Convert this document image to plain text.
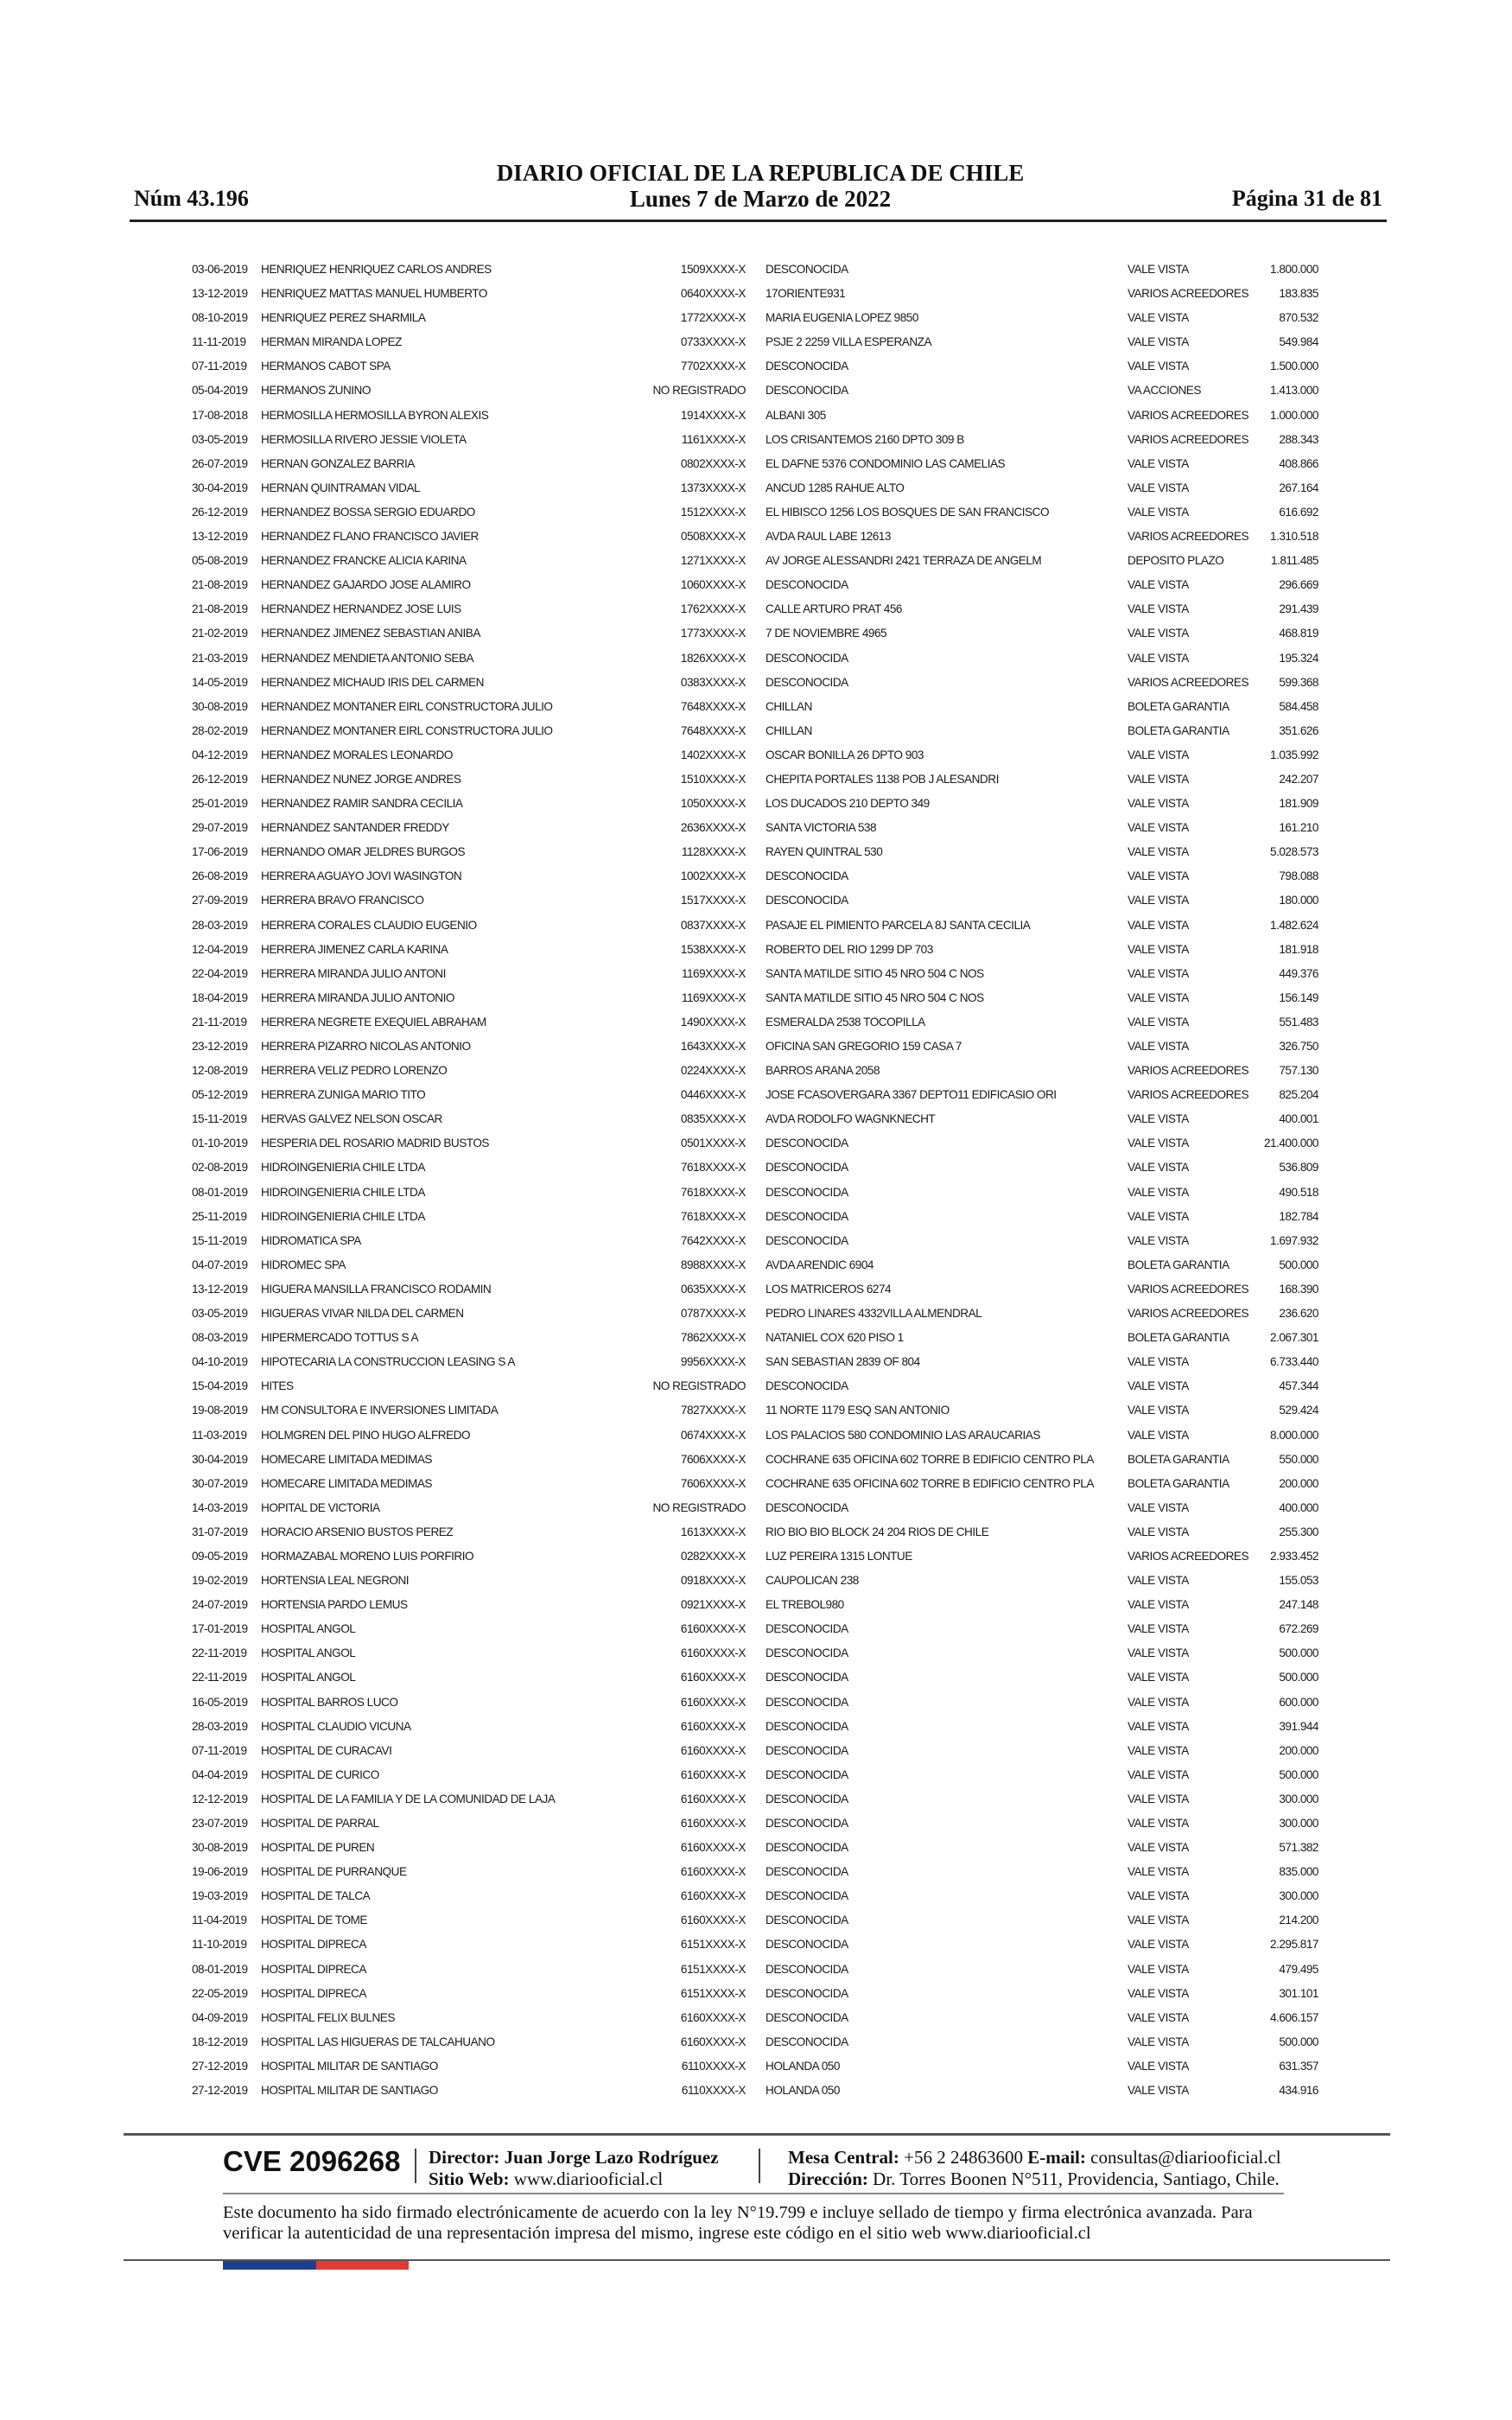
Núm 43.196
DIARIO OFICIAL DE LA REPUBLICA DE CHILE
Lunes 7 de Marzo de 2022	Página 31 de 81
03-06-2019 HENRIQUEZ HENRIQUEZ CARLOS ANDRES	1509XXXX-X DESCONOCIDA	VALE VISTA	1.800.000
13-12-2019 HENRIQUEZ MATTAS MANUEL HUMBERTO	0640XXXX-X 17ORIENTE931	VARIOS ACREEDORES	183.835
08-10-2019 HENRIQUEZ PEREZ SHARMILA	1772XXXX-X MARIA EUGENIA LOPEZ 9850	VALE VISTA	870.532
11-11-2019 HERMAN MIRANDA LOPEZ	0733XXXX-X PSJE 2 2259 VILLA ESPERANZA	VALE VISTA	549.984
07-11-2019 HERMANOS CABOT SPA	7702XXXX-X DESCONOCIDA	VALE VISTA	1.500.000
05-04-2019 HERMANOS ZUNINO	NO REGISTRADO DESCONOCIDA	VA ACCIONES	1.413.000
17-08-2018 HERMOSILLA HERMOSILLA BYRON ALEXIS	1914XXXX-X ALBANI 305	VARIOS ACREEDORES 1.000.000
03-05-2019 HERMOSILLA RIVERO JESSIE VIOLETA	1161XXXX-X LOS CRISANTEMOS 2160 DPTO 309 B	VARIOS ACREEDORES	288.343
26-07-2019 HERNAN GONZALEZ BARRIA	0802XXXX-X EL DAFNE 5376 CONDOMINIO LAS CAMELIAS	VALE VISTA	408.866
30-04-2019 HERNAN QUINTRAMAN VIDAL	1373XXXX-X ANCUD 1285 RAHUE ALTO	VALE VISTA	267.164
26-12-2019 HERNANDEZ BOSSA SERGIO EDUARDO	1512XXXX-X EL HIBISCO 1256 LOS BOSQUES DE SAN FRANCISCO	VALE VISTA	616.692
13-12-2019 HERNANDEZ FLANO FRANCISCO JAVIER	0508XXXX-X AVDA RAUL LABE 12613	VARIOS ACREEDORES 1.310.518
05-08-2019 HERNANDEZ FRANCKE ALICIA KARINA	1271XXXX-X AV JORGE ALESSANDRI 2421 TERRAZA DE ANGELM	DEPOSITO PLAZO	1.811.485
21-08-2019 HERNANDEZ GAJARDO JOSE ALAMIRO	1060XXXX-X DESCONOCIDA	VALE VISTA	296.669
21-08-2019 HERNANDEZ HERNANDEZ JOSE LUIS	1762XXXX-X CALLE ARTURO PRAT 456	VALE VISTA	291.439
21-02-2019 HERNANDEZ JIMENEZ SEBASTIAN ANIBA	1773XXXX-X 7 DE NOVIEMBRE 4965	VALE VISTA	468.819
21-03-2019 HERNANDEZ MENDIETA ANTONIO SEBA	1826XXXX-X DESCONOCIDA	VALE VISTA	195.324
14-05-2019 HERNANDEZ MICHAUD IRIS DEL CARMEN	0383XXXX-X DESCONOCIDA	VARIOS ACREEDORES	599.368
30-08-2019 HERNANDEZ MONTANER EIRL CONSTRUCTORA JULIO	7648XXXX-X CHILLAN	BOLETA GARANTIA	584.458
28-02-2019 HERNANDEZ MONTANER EIRL CONSTRUCTORA JULIO	7648XXXX-X CHILLAN	BOLETA GARANTIA	351.626
04-12-2019 HERNANDEZ MORALES LEONARDO	1402XXXX-X OSCAR BONILLA 26 DPTO 903	VALE VISTA	1.035.992
26-12-2019 HERNANDEZ NUNEZ JORGE ANDRES	1510XXXX-X CHEPITA PORTALES 1138 POB J ALESANDRI	VALE VISTA	242.207
25-01-2019 HERNANDEZ RAMIR SANDRA CECILIA	1050XXXX-X LOS DUCADOS 210 DEPTO 349	VALE VISTA	181.909
29-07-2019 HERNANDEZ SANTANDER FREDDY	2636XXXX-X SANTA VICTORIA 538	VALE VISTA	161.210
17-06-2019 HERNANDO OMAR JELDRES BURGOS	1128XXXX-X RAYEN QUINTRAL 530	VALE VISTA	5.028.573
26-08-2019 HERRERA AGUAYO JOVI WASINGTON	1002XXXX-X DESCONOCIDA	VALE VISTA	798.088
27-09-2019 HERRERA BRAVO FRANCISCO	1517XXXX-X DESCONOCIDA	VALE VISTA	180.000
28-03-2019 HERRERA CORALES CLAUDIO EUGENIO	0837XXXX-X PASAJE EL PIMIENTO PARCELA 8J SANTA CECILIA	VALE VISTA	1.482.624
12-04-2019 HERRERA JIMENEZ CARLA KARINA	1538XXXX-X ROBERTO DEL RIO 1299 DP 703	VALE VISTA	181.918
22-04-2019 HERRERA MIRANDA JULIO ANTONI	1169XXXX-X SANTA MATILDE SITIO 45 NRO 504 C NOS	VALE VISTA	449.376
18-04-2019 HERRERA MIRANDA JULIO ANTONIO	1169XXXX-X SANTA MATILDE SITIO 45 NRO 504 C NOS	VALE VISTA	156.149
21-11-2019 HERRERA NEGRETE EXEQUIEL ABRAHAM	1490XXXX-X ESMERALDA 2538 TOCOPILLA	VALE VISTA	551.483
23-12-2019 HERRERA PIZARRO NICOLAS ANTONIO	1643XXXX-X OFICINA SAN GREGORIO 159 CASA 7	VALE VISTA	326.750
12-08-2019 HERRERA VELIZ PEDRO LORENZO	0224XXXX-X BARROS ARANA 2058	VARIOS ACREEDORES	757.130
05-12-2019 HERRERA ZUNIGA MARIO TITO	0446XXXX-X JOSE FCASOVERGARA 3367 DEPTO11 EDIFICASIO ORI	VARIOS ACREEDORES	825.204
15-11-2019 HERVAS GALVEZ NELSON OSCAR	0835XXXX-X AVDA RODOLFO WAGNKNECHT	VALE VISTA	400.001
01-10-2019 HESPERIA DEL ROSARIO MADRID BUSTOS	0501XXXX-X DESCONOCIDA	VALE VISTA	21.400.000
02-08-2019 HIDROINGENIERIA CHILE LTDA	7618XXXX-X DESCONOCIDA	VALE VISTA	536.809
08-01-2019 HIDROINGENIERIA CHILE LTDA	7618XXXX-X DESCONOCIDA	VALE VISTA	490.518
25-11-2019 HIDROINGENIERIA CHILE LTDA	7618XXXX-X DESCONOCIDA	VALE VISTA	182.784
15-11-2019 HIDROMATICA SPA	7642XXXX-X DESCONOCIDA	VALE VISTA	1.697.932
04-07-2019 HIDROMEC SPA	8988XXXX-X AVDA ARENDIC 6904	BOLETA GARANTIA	500.000
13-12-2019 HIGUERA MANSILLA FRANCISCO RODAMIN	0635XXXX-X LOS MATRICEROS 6274	VARIOS ACREEDORES	168.390
03-05-2019 HIGUERAS VIVAR NILDA DEL CARMEN	0787XXXX-X PEDRO LINARES 4332VILLA ALMENDRAL	VARIOS ACREEDORES	236.620
08-03-2019 HIPERMERCADO TOTTUS S A	7862XXXX-X NATANIEL COX 620 PISO 1	BOLETA GARANTIA	2.067.301
04-10-2019 HIPOTECARIA LA CONSTRUCCION LEASING S A	9956XXXX-X SAN SEBASTIAN 2839 OF 804	VALE VISTA	6.733.440
15-04-2019 HITES	NO REGISTRADO DESCONOCIDA	VALE VISTA	457.344
19-08-2019 HM CONSULTORA E INVERSIONES LIMITADA	7827XXXX-X 11 NORTE 1179 ESQ SAN ANTONIO	VALE VISTA	529.424
11-03-2019 HOLMGREN DEL PINO HUGO ALFREDO	0674XXXX-X LOS PALACIOS 580 CONDOMINIO LAS ARAUCARIAS	VALE VISTA	8.000.000
30-04-2019 HOMECARE LIMITADA MEDIMAS	7606XXXX-X COCHRANE 635 OFICINA 602 TORRE B EDIFICIO CENTRO PLA	BOLETA GARANTIA	550.000
30-07-2019 HOMECARE LIMITADA MEDIMAS	7606XXXX-X COCHRANE 635 OFICINA 602 TORRE B EDIFICIO CENTRO PLA	BOLETA GARANTIA	200.000
14-03-2019 HOPITAL DE VICTORIA	NO REGISTRADO DESCONOCIDA	VALE VISTA	400.000
31-07-2019 HORACIO ARSENIO BUSTOS PEREZ	1613XXXX-X RIO BIO BIO BLOCK 24 204 RIOS DE CHILE	VALE VISTA	255.300
09-05-2019 HORMAZABAL MORENO LUIS PORFIRIO	0282XXXX-X LUZ PEREIRA 1315 LONTUE	VARIOS ACREEDORES 2.933.452
19-02-2019 HORTENSIA LEAL NEGRONI	0918XXXX-X CAUPOLICAN 238	VALE VISTA	155.053
24-07-2019 HORTENSIA PARDO LEMUS	0921XXXX-X EL TREBOL980	VALE VISTA	247.148
17-01-2019 HOSPITAL ANGOL	6160XXXX-X DESCONOCIDA	VALE VISTA	672.269
22-11-2019 HOSPITAL ANGOL	6160XXXX-X DESCONOCIDA	VALE VISTA	500.000
22-11-2019 HOSPITAL ANGOL	6160XXXX-X DESCONOCIDA	VALE VISTA	500.000
16-05-2019 HOSPITAL BARROS LUCO	6160XXXX-X DESCONOCIDA	VALE VISTA	600.000
28-03-2019 HOSPITAL CLAUDIO VICUNA	6160XXXX-X DESCONOCIDA	VALE VISTA	391.944
07-11-2019 HOSPITAL DE CURACAVI	6160XXXX-X DESCONOCIDA	VALE VISTA	200.000
04-04-2019 HOSPITAL DE CURICO	6160XXXX-X DESCONOCIDA	VALE VISTA	500.000
12-12-2019 HOSPITAL DE LA FAMILIA Y DE LA COMUNIDAD DE LAJA	6160XXXX-X DESCONOCIDA	VALE VISTA	300.000
23-07-2019 HOSPITAL DE PARRAL	6160XXXX-X DESCONOCIDA	VALE VISTA	300.000
30-08-2019 HOSPITAL DE PUREN	6160XXXX-X DESCONOCIDA	VALE VISTA	571.382
19-06-2019 HOSPITAL DE PURRANQUE	6160XXXX-X DESCONOCIDA	VALE VISTA	835.000
19-03-2019 HOSPITAL DE TALCA	6160XXXX-X DESCONOCIDA	VALE VISTA	300.000
11-04-2019 HOSPITAL DE TOME	6160XXXX-X DESCONOCIDA	VALE VISTA	214.200
11-10-2019 HOSPITAL DIPRECA	6151XXXX-X DESCONOCIDA	VALE VISTA	2.295.817
08-01-2019 HOSPITAL DIPRECA	6151XXXX-X DESCONOCIDA	VALE VISTA	479.495
22-05-2019 HOSPITAL DIPRECA	6151XXXX-X DESCONOCIDA	VALE VISTA	301.101
04-09-2019 HOSPITAL FELIX BULNES	6160XXXX-X DESCONOCIDA	VALE VISTA	4.606.157
18-12-2019 HOSPITAL LAS HIGUERAS DE TALCAHUANO	6160XXXX-X DESCONOCIDA	VALE VISTA	500.000
27-12-2019 HOSPITAL MILITAR DE SANTIAGO	6110XXXX-X HOLANDA 050	VALE VISTA	631.357
27-12-2019 HOSPITAL MILITAR DE SANTIAGO	6110XXXX-X HOLANDA 050	VALE VISTA	434.916
CVE 2096268 Director: Juan Jorge Lazo Rodríguez
Sitio Web: www.diariooficial.cl
Mesa Central: +56 2 24863600 E-mail: consultas@diariooficial.cl
Dirección: Dr. Torres Boonen N°511, Providencia, Santiago, Chile.
Este documento ha sido firmado electrónicamente de acuerdo con la ley N°19.799 e incluye sellado de tiempo y firma electrónica avanzada. Para verificar la autenticidad de una representación impresa del mismo, ingrese este código en el sitio web www.diariooficial.cl
